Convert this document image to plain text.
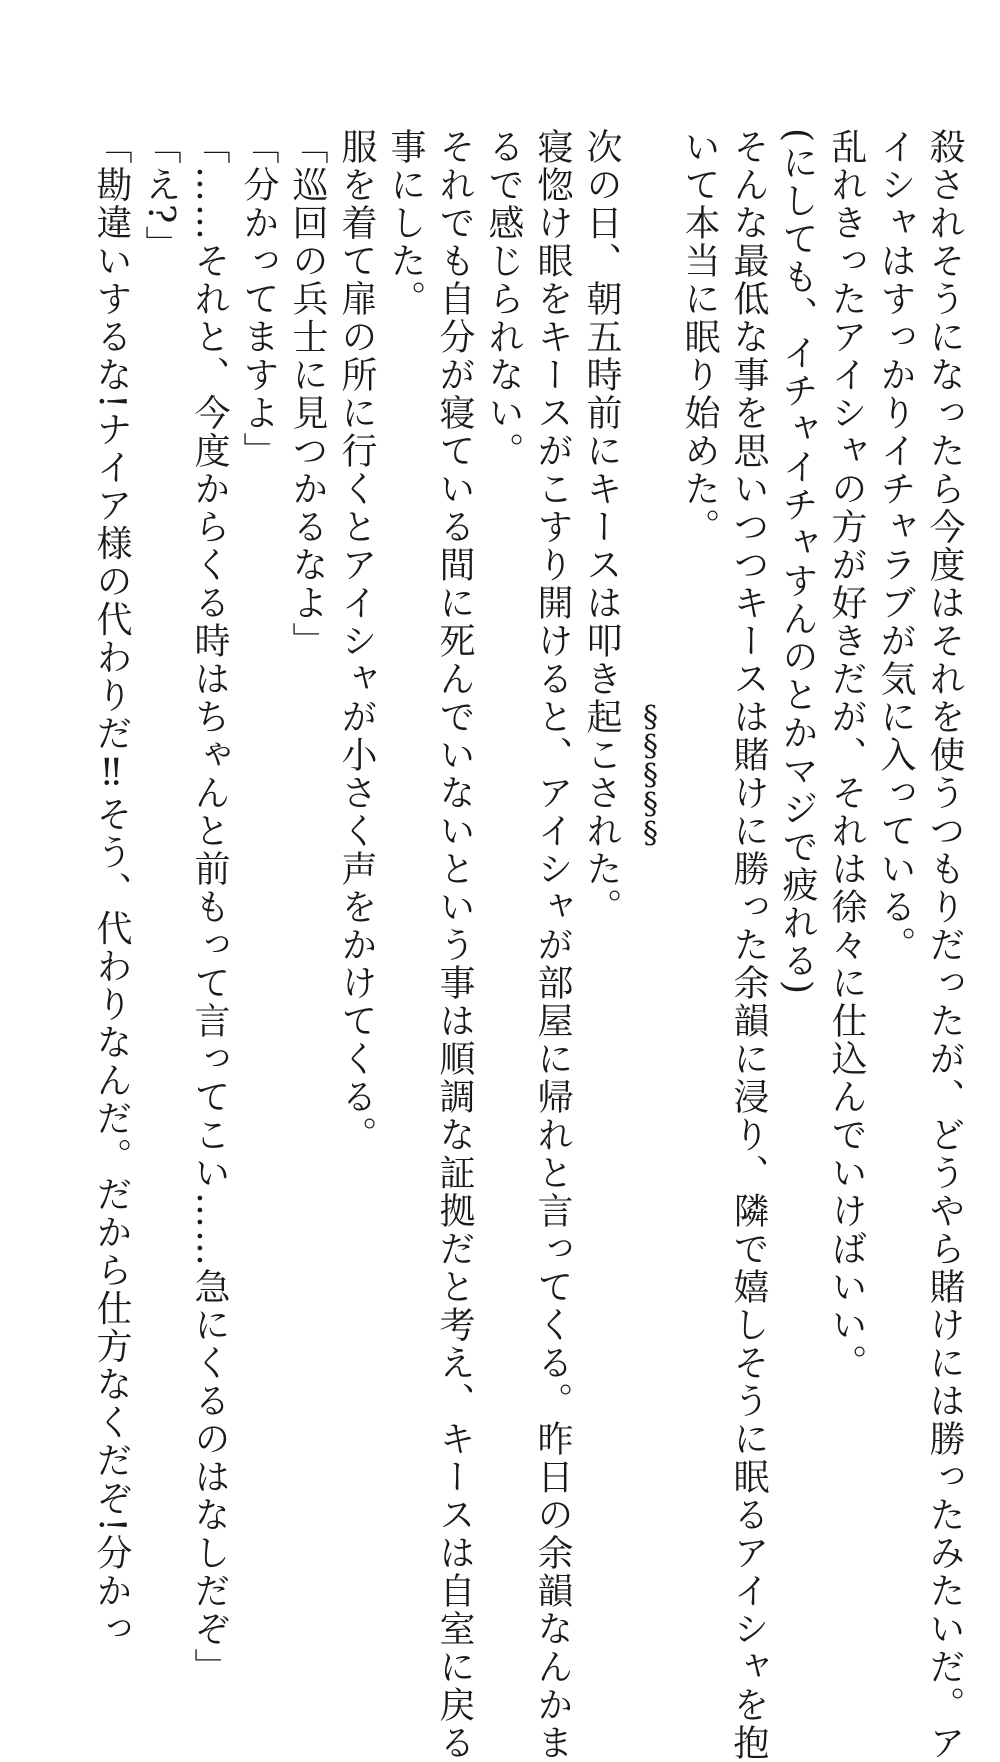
殺されそうになったら今度はそれを使うつもりだったが、どうやら賭けには勝ったみたいだ。ア
イシャはすっかりイチャラブが気に入っている。
乱れきったアイシャの方が好きだが、それは徐々に仕込んでいけばいい。
(にしても、イチャイチャすんのとかマジで疲れる)
そんな最低な事を思いつつキースは賭けに勝った余韻に浸り、隣で嬉しそうに眠るアイシャを抱
いて本当に眠り始めた。
§§§§§
次の日、朝五時前にキースは叩き起こされた。
寝惚け眼をキースがこすり開けると、アイシャが部屋に帰れと言ってくる。昨日の余韻なんかま
るで感じられない。
それでも自分が寝ている間に死んでいないという事は順調な証拠だと考え、キースは自室に戻る
事にした。
服を着て扉の所に行くとアイシャが小さく声をかけてくる。
「巡回の兵士に見つかるなよ」
「分かってますよ」
「……それと、今度からくる時はちゃんと前もって言ってこい……急にくるのはなしだぞ」
「え?」
「勘違いするな!ナイア様の代わりだ‼そう、代わりなんだ。だから仕方なくだぞ!分かっ
